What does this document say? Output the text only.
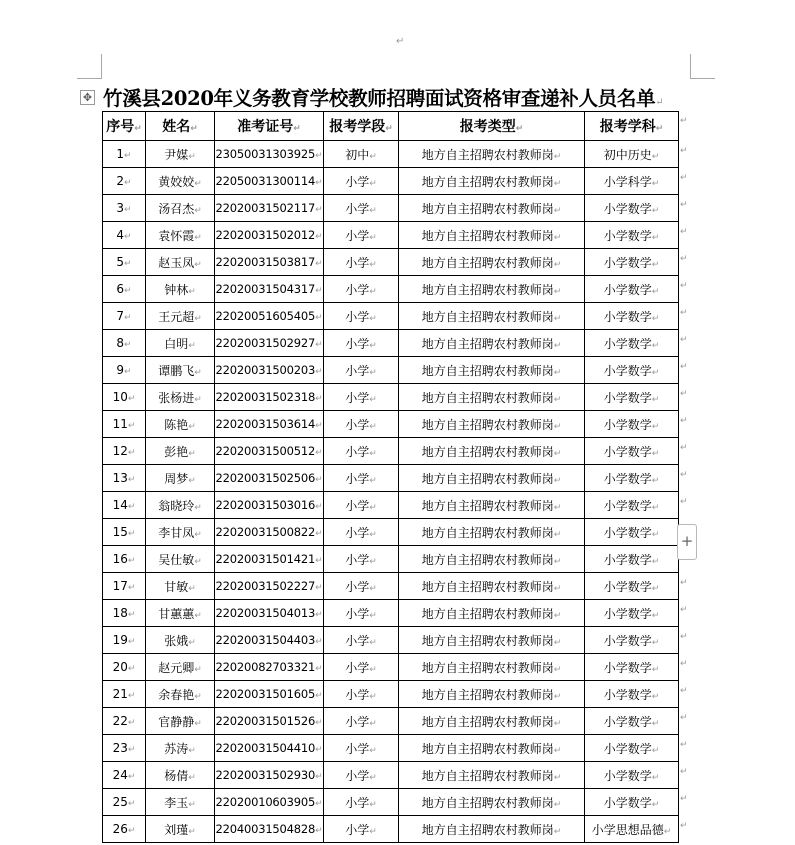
↵
✥ 竹溪县2020年义务教育学校教师招聘面试资格审查递补人员名单↵
序号↵	姓名↵	准考证号↵	报考学段↵	报考类型↵	报考学科↵
1↵	尹媒↵	23050031303925↵	初中↵	地方自主招聘农村教师岗↵	初中历史↵
2↵	黄姣姣↵	22050031300114↵	小学↵	地方自主招聘农村教师岗↵	小学科学↵
3↵	汤召杰↵	22020031502117↵	小学↵	地方自主招聘农村教师岗↵	小学数学↵
4↵	袁怀霞↵	22020031502012↵	小学↵	地方自主招聘农村教师岗↵	小学数学↵
5↵	赵玉凤↵	22020031503817↵	小学↵	地方自主招聘农村教师岗↵	小学数学↵
6↵	钟林↵	22020031504317↵	小学↵	地方自主招聘农村教师岗↵	小学数学↵
7↵	王元超↵	22020051605405↵	小学↵	地方自主招聘农村教师岗↵	小学数学↵
8↵	白明↵	22020031502927↵	小学↵	地方自主招聘农村教师岗↵	小学数学↵
9↵	谭鹏飞↵	22020031500203↵	小学↵	地方自主招聘农村教师岗↵	小学数学↵
10↵	张杨进↵	22020031502318↵	小学↵	地方自主招聘农村教师岗↵	小学数学↵
11↵	陈艳↵	22020031503614↵	小学↵	地方自主招聘农村教师岗↵	小学数学↵
12↵	彭艳↵	22020031500512↵	小学↵	地方自主招聘农村教师岗↵	小学数学↵
13↵	周梦↵	22020031502506↵	小学↵	地方自主招聘农村教师岗↵	小学数学↵
14↵	翁晓玲↵	22020031503016↵	小学↵	地方自主招聘农村教师岗↵	小学数学↵
15↵	李甘凤↵	22020031500822↵	小学↵	地方自主招聘农村教师岗↵	小学数学↵
16↵	吴仕敏↵	22020031501421↵	小学↵	地方自主招聘农村教师岗↵	小学数学↵
17↵	甘敏↵	22020031502227↵	小学↵	地方自主招聘农村教师岗↵	小学数学↵
18↵	甘蕙蕙↵	22020031504013↵	小学↵	地方自主招聘农村教师岗↵	小学数学↵
19↵	张娥↵	22020031504403↵	小学↵	地方自主招聘农村教师岗↵	小学数学↵
20↵	赵元卿↵	22020082703321↵	小学↵	地方自主招聘农村教师岗↵	小学数学↵
21↵	余春艳↵	22020031501605↵	小学↵	地方自主招聘农村教师岗↵	小学数学↵
22↵	官静静↵	22020031501526↵	小学↵	地方自主招聘农村教师岗↵	小学数学↵
23↵	苏涛↵	22020031504410↵	小学↵	地方自主招聘农村教师岗↵	小学数学↵
24↵	杨倩↵	22020031502930↵	小学↵	地方自主招聘农村教师岗↵	小学数学↵
25↵	李玉↵	22020010603905↵	小学↵	地方自主招聘农村教师岗↵	小学数学↵
26↵	刘瑾↵	22040031504828↵	小学↵	地方自主招聘农村教师岗↵	小学思想品德↵
↵
↵
↵
↵
↵
↵
↵
↵
↵
↵
↵
↵
↵
↵
↵
↵
↵
↵
↵
↵
↵
↵
↵
↵
↵
+
